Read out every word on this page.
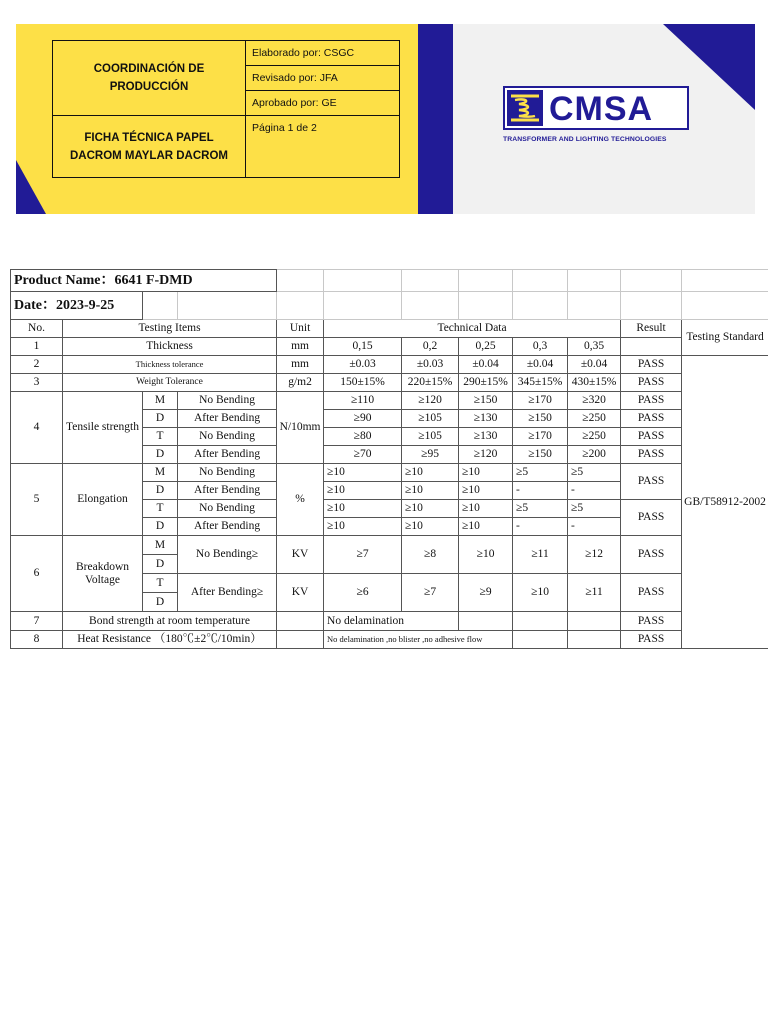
COORDINACIÓN DE PRODUCCIÓN	Elaborado por: CSGC
	Revisado por: JFA
	Aprobado por: GE
FICHA TÉCNICA PAPEL DACROM MAYLAR DACROM	Página 1 de 2	CMSA
TRANSFORMER AND LIGHTING TECHNOLOGIES
Product Name：6641 F-DMD											
Date：2023-9-25											
No.	Testing Items			Unit	Technical Data					Result	Testing Standard
1	Thickness			mm	0,15	0,2	0,25	0,3	0,35		
2	Thickness tolerance			mm	±0.03	±0.03	±0.04	±0.04	±0.04	PASS	GB/T58912-2002
3	Weight Tolerance			g/m2	150±15%	220±15%	290±15%	345±15%	430±15%	PASS	
4	Tensile strength	M	No Bending	N/10mm	≥110	≥120	≥150	≥170	≥320	PASS	
		D	After Bending		≥90	≥105	≥130	≥150	≥250	PASS	
		T	No Bending		≥80	≥105	≥130	≥170	≥250	PASS	
		D	After Bending		≥70	≥95	≥120	≥150	≥200	PASS	
5	Elongation	M	No Bending	%	≥10	≥10	≥10	≥5	≥5	PASS	
		D	After Bending		≥10	≥10	≥10	-	-		
		T	No Bending		≥10	≥10	≥10	≥5	≥5	PASS	
		D	After Bending		≥10	≥10	≥10	-	-		
6	Breakdown Voltage	M	No Bending≥	KV	≥7	≥8	≥10	≥11	≥12	PASS	
		D									
		T	After Bending≥	KV	≥6	≥7	≥9	≥10	≥11	PASS	
		D									
7	Bond strength at room temperature				No delamination					PASS	
8	Heat Resistance （180℃±2℃/10min）				No delamination ,no blister ,no adhesive flow					PASS	
